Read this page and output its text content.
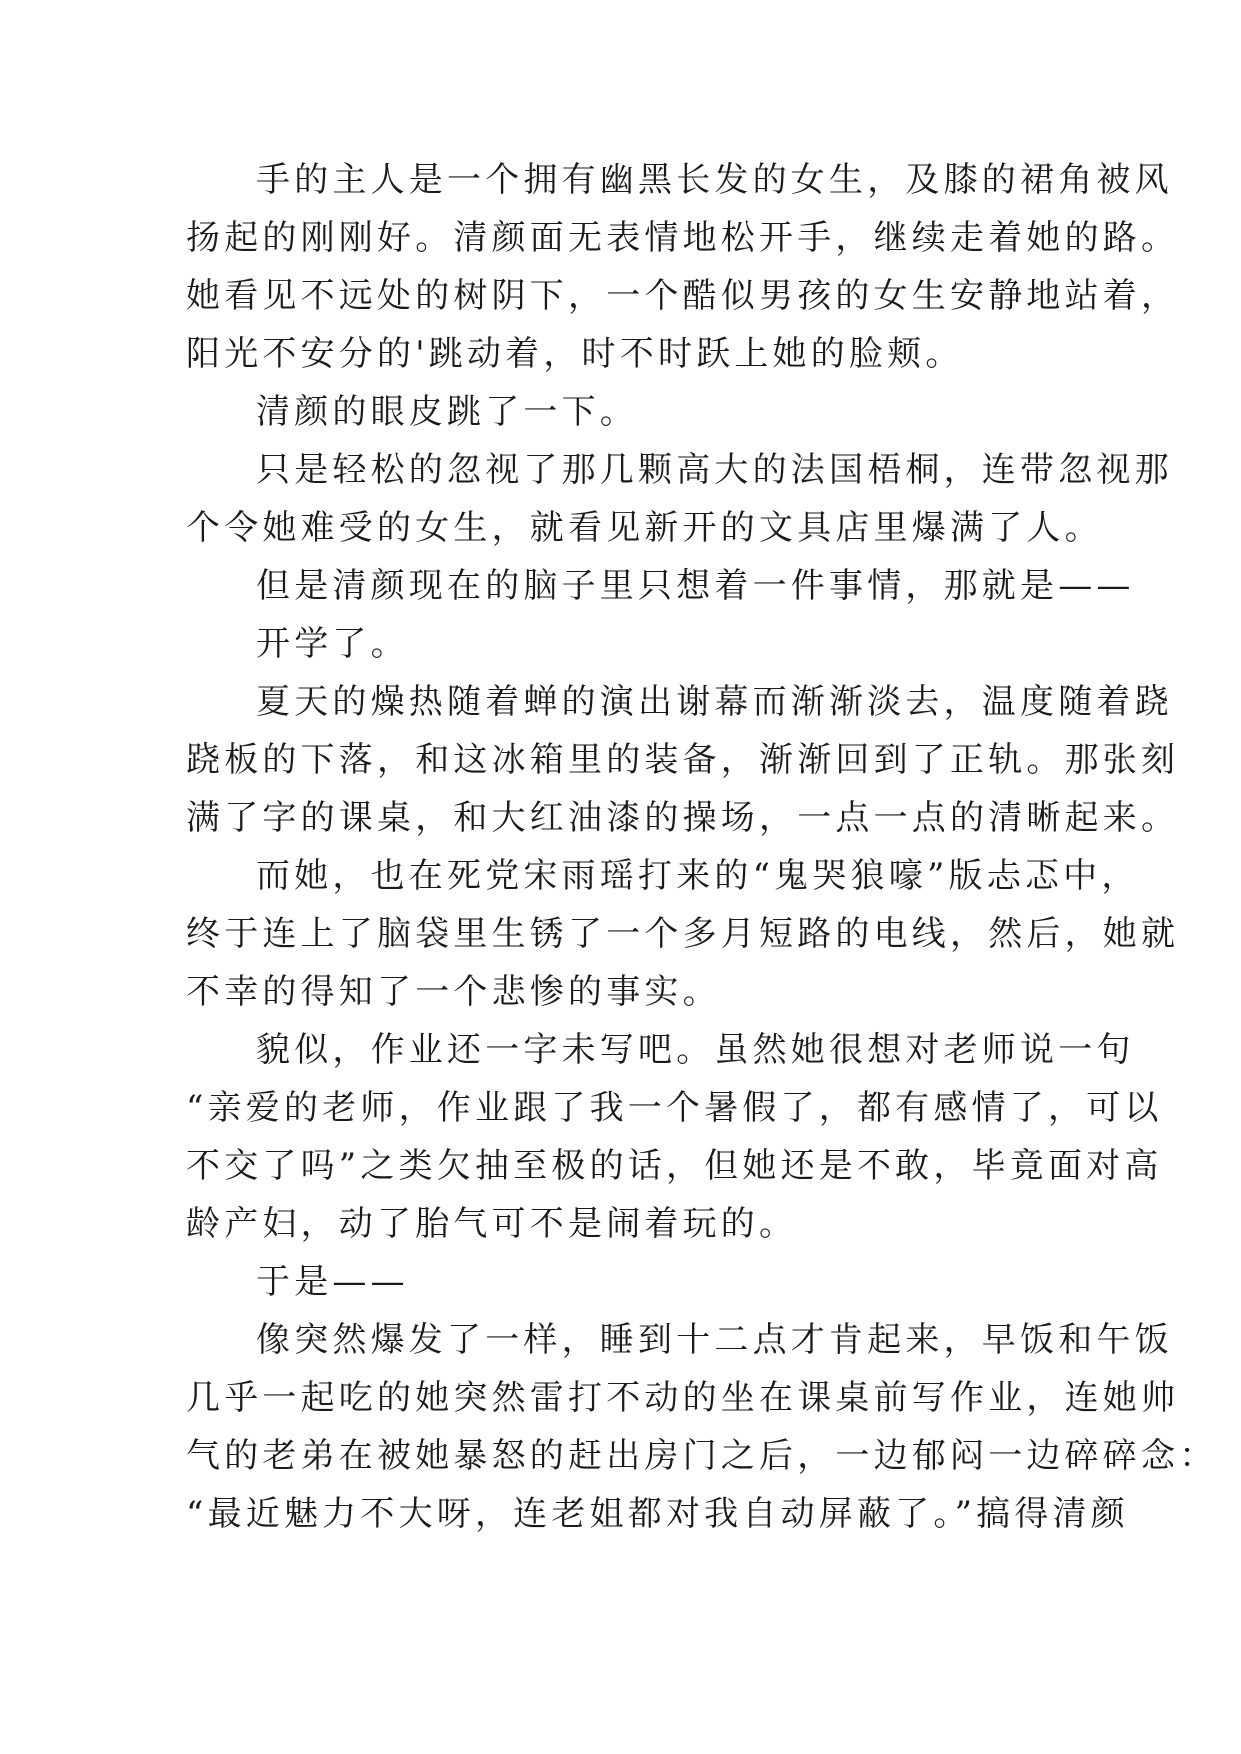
手的主人是一个拥有幽黑长发的女生，及膝的裙角被风
扬起的刚刚好。清颜面无表情地松开手，继续走着她的路。
她看见不远处的树阴下，一个酷似男孩的女生安静地站着，
阳光不安分的'跳动着，时不时跃上她的脸颊。
清颜的眼皮跳了一下。
只是轻松的忽视了那几颗高大的法国梧桐，连带忽视那
个令她难受的女生，就看见新开的文具店里爆满了人。
但是清颜现在的脑子里只想着一件事情，那就是——
开学了。
夏天的燥热随着蝉的演出谢幕而渐渐淡去，温度随着跷
跷板的下落，和这冰箱里的装备，渐渐回到了正轨。那张刻
满了字的课桌，和大红油漆的操场，一点一点的清晰起来。
而她，也在死党宋雨瑶打来的“鬼哭狼嚎”版忐忑中，
终于连上了脑袋里生锈了一个多月短路的电线，然后，她就
不幸的得知了一个悲惨的事实。
貌似，作业还一字未写吧。虽然她很想对老师说一句
“亲爱的老师，作业跟了我一个暑假了，都有感情了，可以
不交了吗”之类欠抽至极的话，但她还是不敢，毕竟面对高
龄产妇，动了胎气可不是闹着玩的。
于是——
像突然爆发了一样，睡到十二点才肯起来，早饭和午饭
几乎一起吃的她突然雷打不动的坐在课桌前写作业，连她帅
气的老弟在被她暴怒的赶出房门之后，一边郁闷一边碎碎念：
“最近魅力不大呀，连老姐都对我自动屏蔽了。”搞得清颜
